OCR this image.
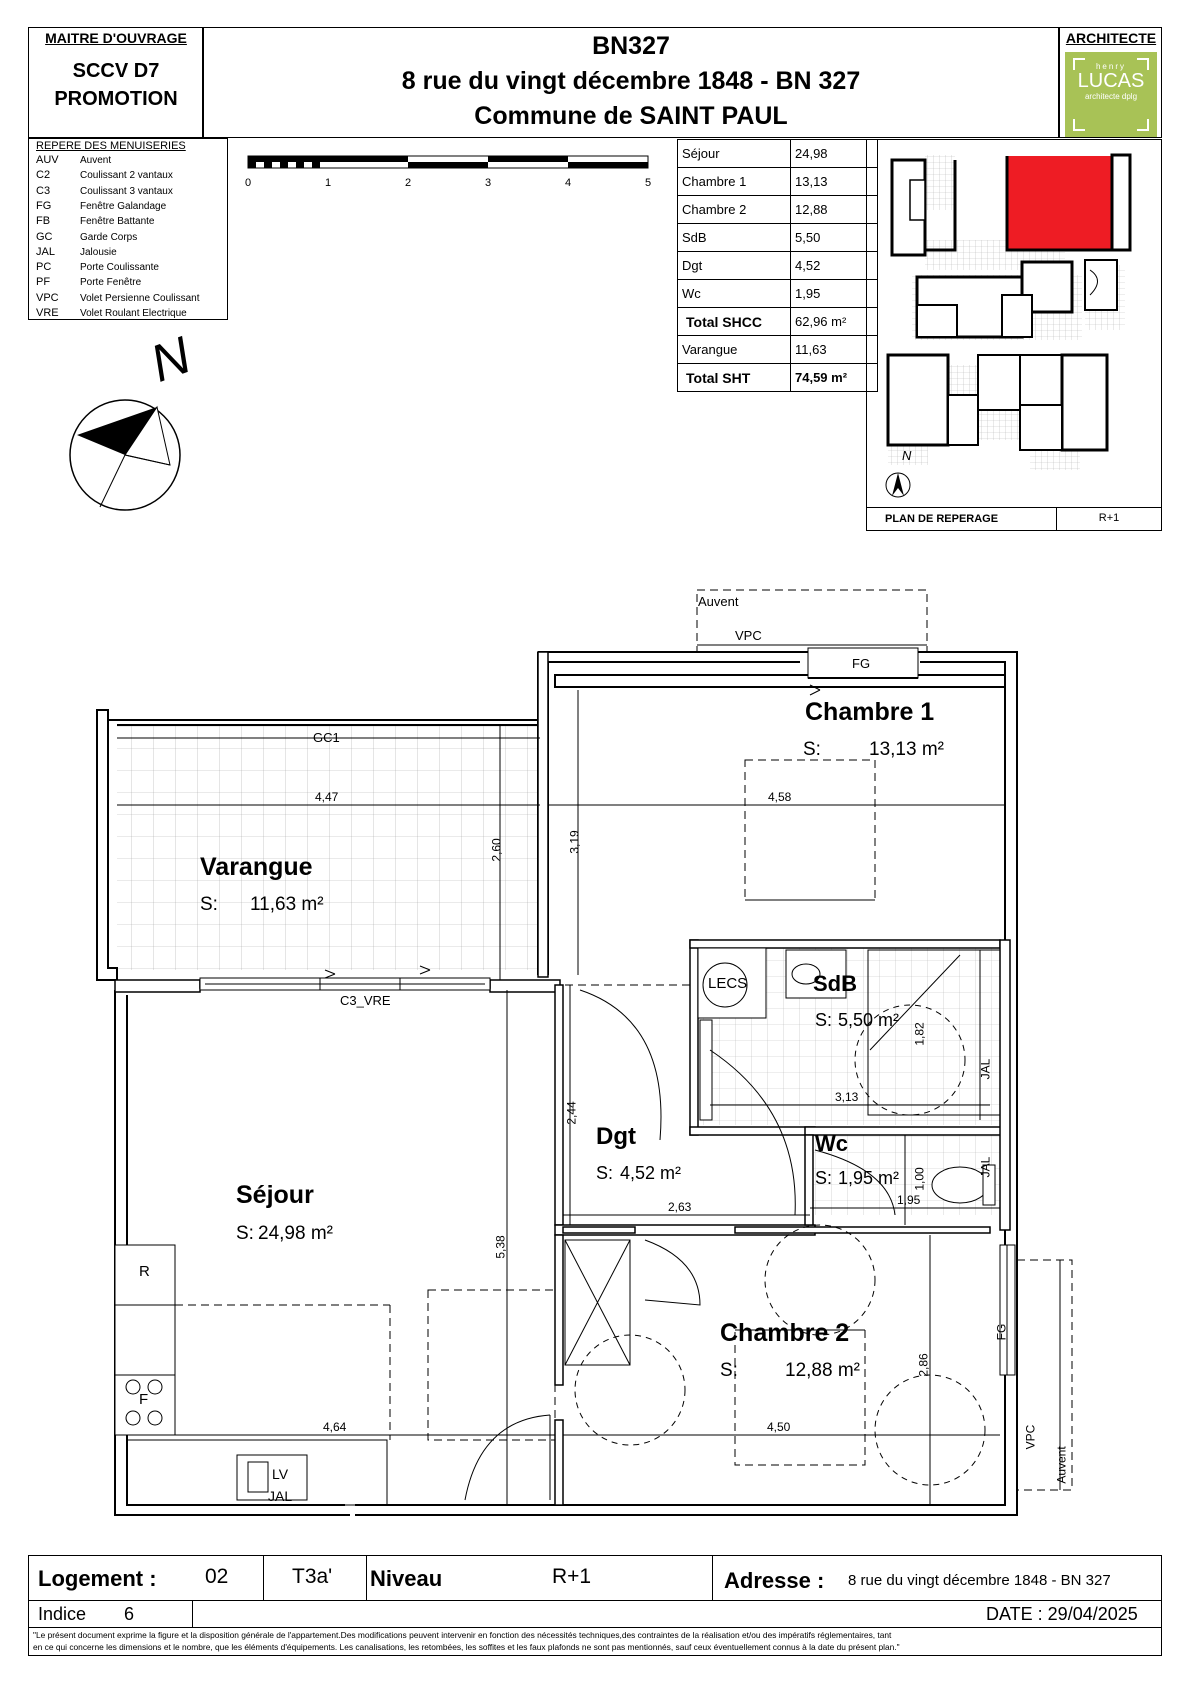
MAITRE D'OUVRAGE
SCCV D7
PROMOTION
BN327
8 rue du vingt décembre 1848 - BN 327
Commune de SAINT PAUL
ARCHITECTE
henry
LUCAS
architecte dplg
REPERE DES MENUISERIES
AUV Auvent
C2	Coulissant 2 vantaux
C3	Coulissant 3 vantaux
FG	Fenêtre Galandage
FB	Fenêtre Battante
GC	Garde Corps
JAL	Jalousie
PC	Porte Coulissante
PF	Porte Fenêtre
VPC Volet Persienne Coulissant
VRE Volet Roulant Electrique
0	1	2	3	4	5
N
Séjour	24,98
Chambre 1	13,13
Chambre 2	12,88
SdB	5,50
Dgt	4,52
Wc	1,95
Total SHCC	62,96 m²
Varangue	11,63
Total SHT	74,59 m²
PLAN DE REPERAGE	R+1
N
Auvent
VPC
FG
GC1
C3_VRE
LECS
JAL
JAL
FG
VPC
Auvent
R
F
LV
JAL
Chambre 1
S:	13,13 m²
Varangue
S: 11,63 m²
SdB
S: 5,50 m²
Dgt
S: 4,52 m²
Wc
S: 1,95 m²
Séjour
S: 24,98 m²
Chambre 2
S: 12,88 m²
4,47
2,60	3,19
4,58
1,82
3,13
2,44
1,00
1,95
2,63
5,38
2,86
4,64	4,50
Logement : 02	T3a' Niveau	R+1	Adresse : 8 rue du vingt décembre 1848 - BN 327
Indice 6	DATE : 29/04/2025
"Le présent document exprime la figure et la disposition générale de l'appartement.Des modifications peuvent intervenir en fonction des nécessités techniques,des contraintes de la réalisation et/ou des impératifs réglementaires, tant
en ce qui concerne les dimensions et le nombre, que les éléments d'équipements. Les canalisations, les retombées, les soffites et les faux plafonds ne sont pas mentionnés, sauf ceux éventuellement connus à la date du présent plan."
